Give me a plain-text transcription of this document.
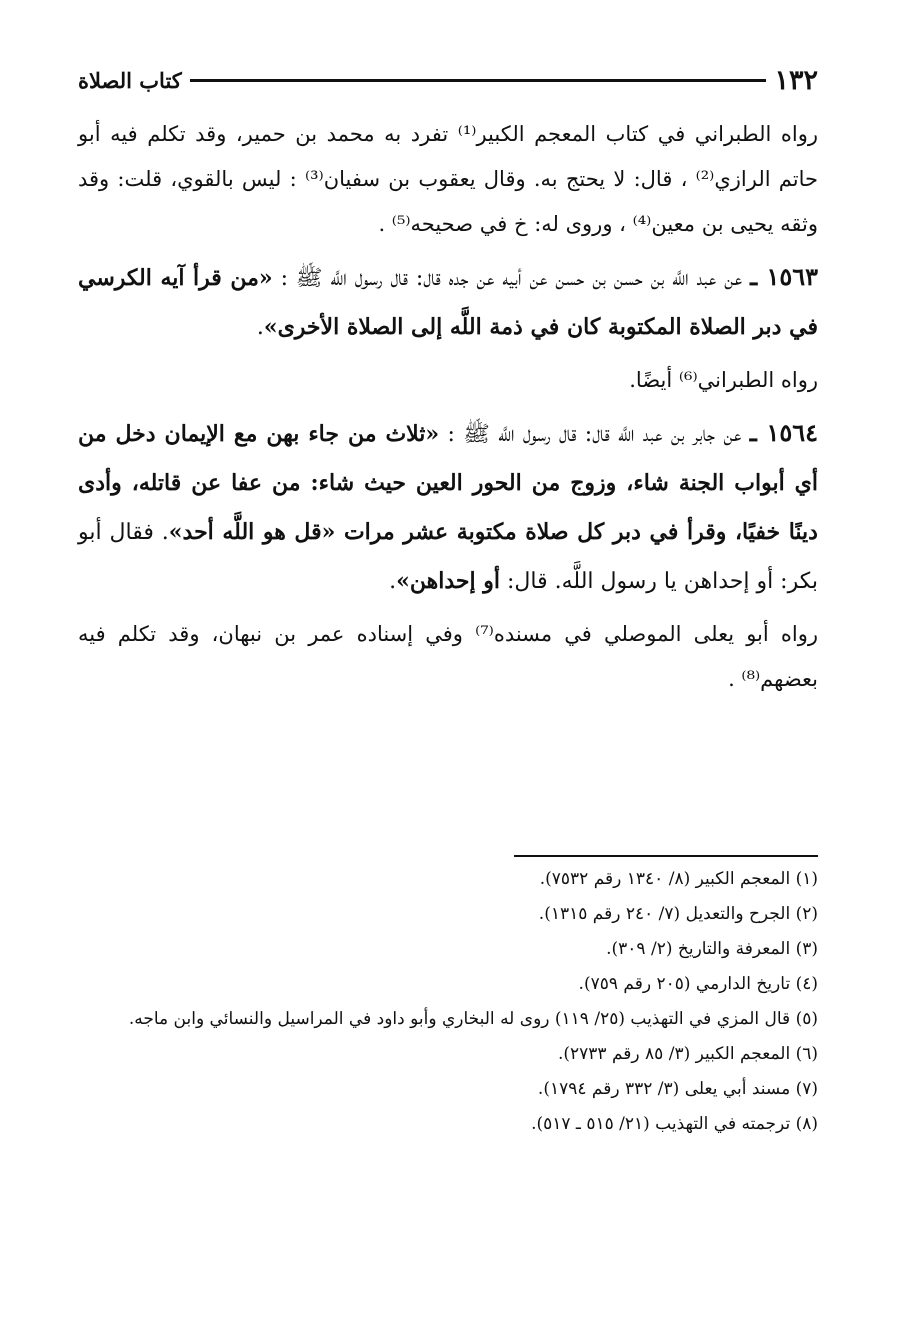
١٣٢
كتاب الصلاة

رواه الطبراني في كتاب المعجم الكبير⁽¹⁾ تفرد به محمد بن حمير، وقد تكلم فيه أبو حاتم الرازي⁽²⁾ ، قال: لا يحتج به. وقال يعقوب بن سفيان⁽³⁾ : ليس بالقوي، قلت: وقد وثقه يحيى بن معين⁽⁴⁾ ، وروى له: خ في صحيحه⁽⁵⁾ .

١٥٦٣ ـ عن عبد اللَّه بن حسن بن حسن عن أبيه عن جده قال: قال رسول اللَّه ﷺ : «من قرأ آيه الكرسي في دبر الصلاة المكتوبة كان في ذمة اللَّه إلى الصلاة الأخرى».

رواه الطبراني⁽⁶⁾ أيضًا.

١٥٦٤ ـ عن جابر بن عبد اللَّه قال: قال رسول اللَّه ﷺ : «ثلاث من جاء بهن مع الإيمان دخل من أي أبواب الجنة شاء، وزوج من الحور العين حيث شاء: من عفا عن قاتله، وأدى دينًا خفيًا، وقرأ في دبر كل صلاة مكتوبة عشر مرات «قل هو اللَّه أحد». فقال أبو بكر: أو إحداهن يا رسول اللَّه. قال: أو إحداهن».

رواه أبو يعلى الموصلي في مسنده⁽⁷⁾ وفي إسناده عمر بن نبهان، وقد تكلم فيه بعضهم⁽⁸⁾ .

(١) المعجم الكبير (٨/ ١٣٤٠ رقم ٧٥٣٢).

(٢) الجرح والتعديل (٧/ ٢٤٠ رقم ١٣١٥).

(٣) المعرفة والتاريخ (٢/ ٣٠٩).

(٤) تاريخ الدارمي (٢٠٥ رقم ٧٥٩).

(٥) قال المزي في التهذيب (٢٥/ ١١٩) روى له البخاري وأبو داود في المراسيل والنسائي وابن ماجه.

(٦) المعجم الكبير (٣/ ٨٥ رقم ٢٧٣٣).

(٧) مسند أبي يعلى (٣/ ٣٣٢ رقم ١٧٩٤).

(٨) ترجمته في التهذيب (٢١/ ٥١٥ ـ ٥١٧).
